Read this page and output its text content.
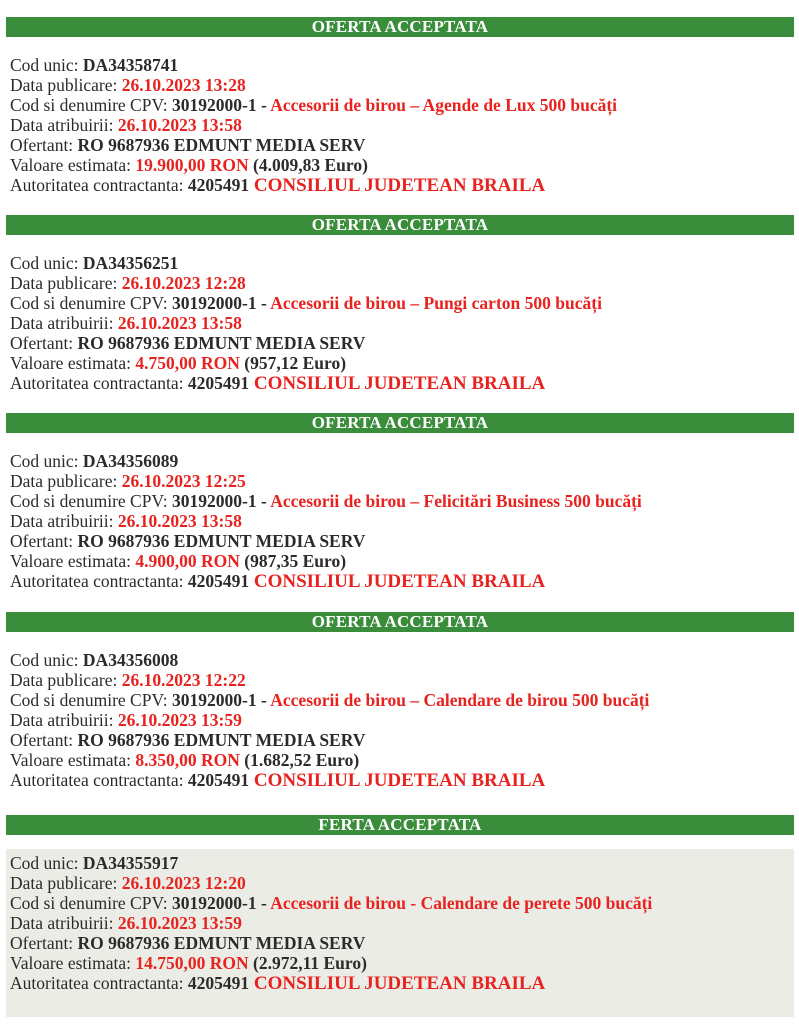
OFERTA ACCEPTATA
Cod unic: DA34358741
Data publicare: 26.10.2023 13:28
Cod si denumire CPV: 30192000-1 - Accesorii de birou – Agende de Lux 500 bucăți
Data atribuirii: 26.10.2023 13:58
Ofertant: RO 9687936 EDMUNT MEDIA SERV
Valoare estimata: 19.900,00 RON (4.009,83 Euro)
Autoritatea contractanta: 4205491 CONSILIUL JUDETEAN BRAILA
OFERTA ACCEPTATA
Cod unic: DA34356251
Data publicare: 26.10.2023 12:28
Cod si denumire CPV: 30192000-1 - Accesorii de birou – Pungi carton 500 bucăți
Data atribuirii: 26.10.2023 13:58
Ofertant: RO 9687936 EDMUNT MEDIA SERV
Valoare estimata: 4.750,00 RON (957,12 Euro)
Autoritatea contractanta: 4205491 CONSILIUL JUDETEAN BRAILA
OFERTA ACCEPTATA
Cod unic: DA34356089
Data publicare: 26.10.2023 12:25
Cod si denumire CPV: 30192000-1 - Accesorii de birou – Felicitări Business 500 bucăți
Data atribuirii: 26.10.2023 13:58
Ofertant: RO 9687936 EDMUNT MEDIA SERV
Valoare estimata: 4.900,00 RON (987,35 Euro)
Autoritatea contractanta: 4205491 CONSILIUL JUDETEAN BRAILA
OFERTA ACCEPTATA
Cod unic: DA34356008
Data publicare: 26.10.2023 12:22
Cod si denumire CPV: 30192000-1 - Accesorii de birou – Calendare de birou 500 bucăți
Data atribuirii: 26.10.2023 13:59
Ofertant: RO 9687936 EDMUNT MEDIA SERV
Valoare estimata: 8.350,00 RON (1.682,52 Euro)
Autoritatea contractanta: 4205491 CONSILIUL JUDETEAN BRAILA
FERTA ACCEPTATA
Cod unic: DA34355917
Data publicare: 26.10.2023 12:20
Cod si denumire CPV: 30192000-1 - Accesorii de birou - Calendare de perete 500 bucăți
Data atribuirii: 26.10.2023 13:59
Ofertant: RO 9687936 EDMUNT MEDIA SERV
Valoare estimata: 14.750,00 RON (2.972,11 Euro)
Autoritatea contractanta: 4205491 CONSILIUL JUDETEAN BRAILA
